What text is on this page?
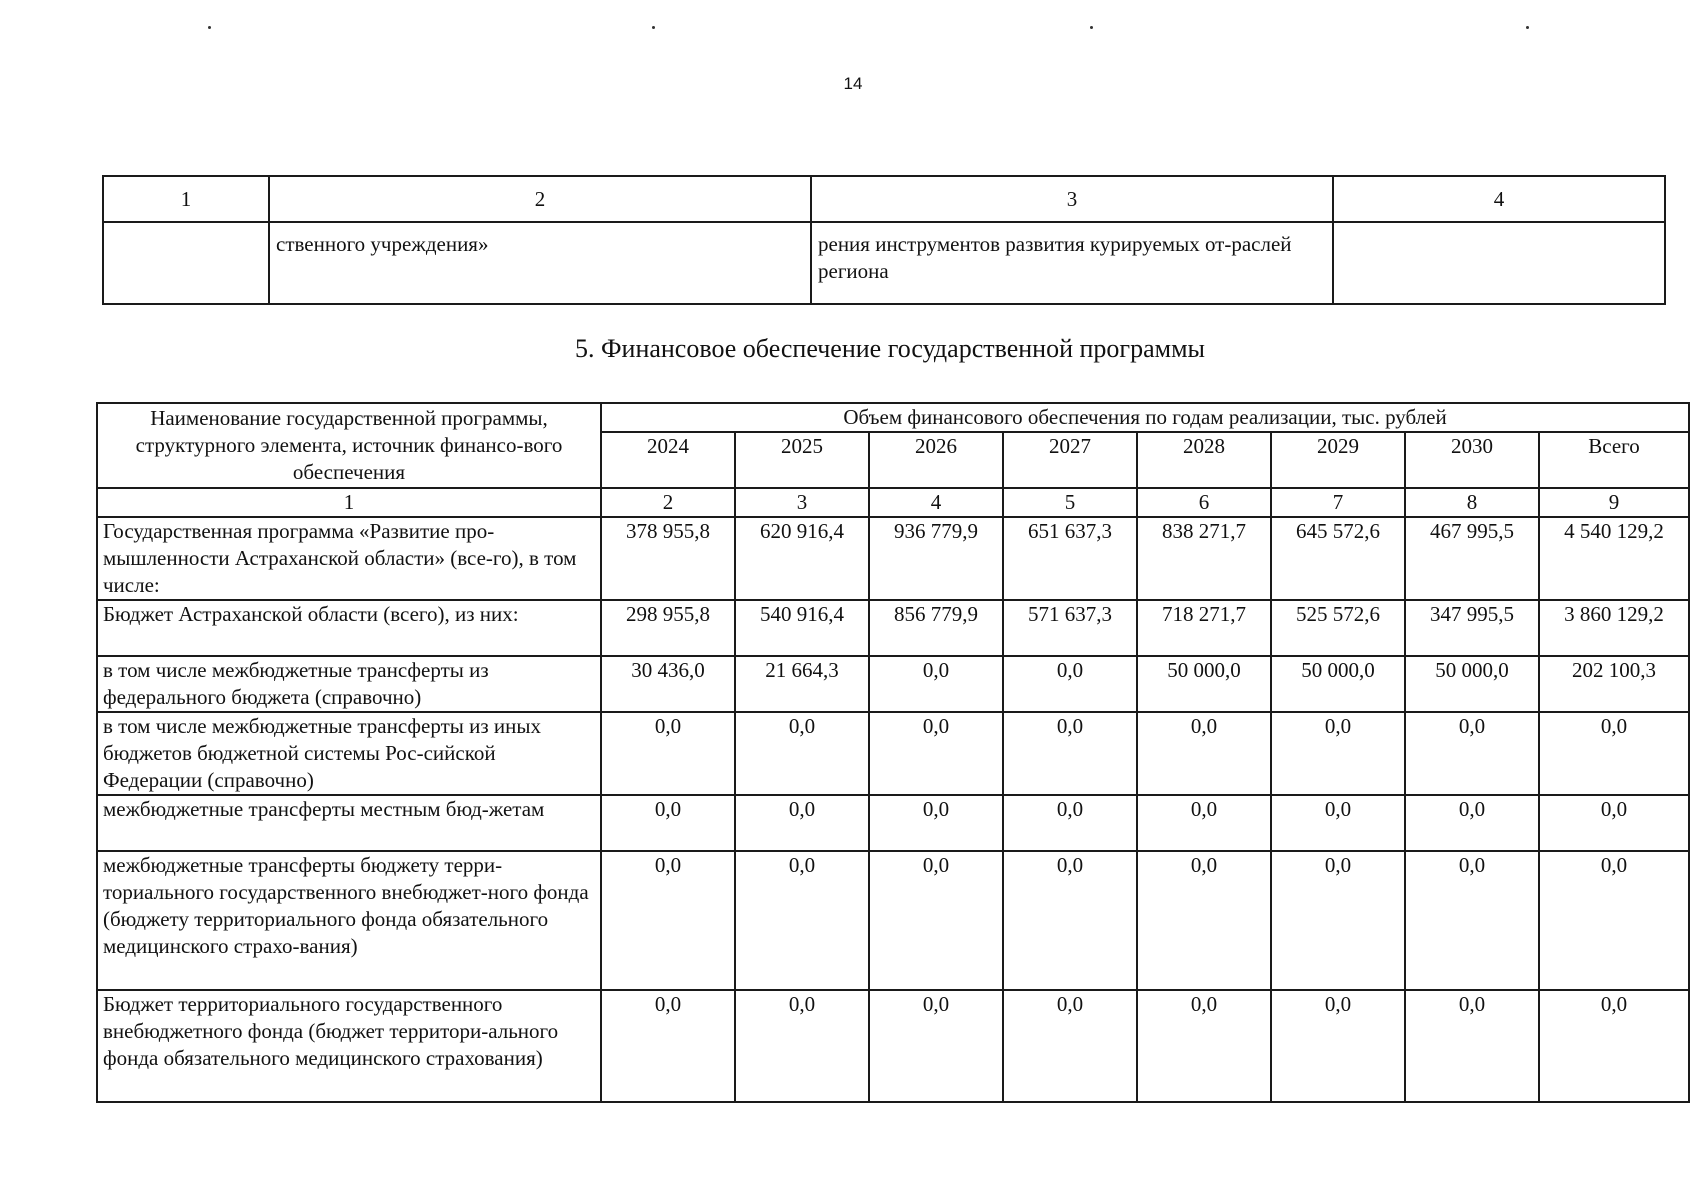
14
1	2	3	4
	ственного учреждения»	рения инструментов развития курируемых от-раслей региона	
5. Финансовое обеспечение государственной программы
Наименование государственной программы, структурного элемента, источник финансо-вого обеспечения	Объем финансового обеспечения по годам реализации, тыс. рублей							
	2024	2025	2026	2027	2028	2029	2030	Всего
1	2	3	4	5	6	7	8	9
Государственная программа «Развитие про-мышленности Астраханской области» (все-го), в том числе:	378 955,8	620 916,4	936 779,9	651 637,3	838 271,7	645 572,6	467 995,5	4 540 129,2
Бюджет Астраханской области (всего), из них:	298 955,8	540 916,4	856 779,9	571 637,3	718 271,7	525 572,6	347 995,5	3 860 129,2
в том числе межбюджетные трансферты из федерального бюджета (справочно)	30 436,0	21 664,3	0,0	0,0	50 000,0	50 000,0	50 000,0	202 100,3
в том числе межбюджетные трансферты из иных бюджетов бюджетной системы Рос-сийской Федерации (справочно)	0,0	0,0	0,0	0,0	0,0	0,0	0,0	0,0
межбюджетные трансферты местным бюд-жетам	0,0	0,0	0,0	0,0	0,0	0,0	0,0	0,0
межбюджетные трансферты бюджету терри-ториального государственного внебюджет-ного фонда (бюджету территориального фонда обязательного медицинского страхо-вания)	0,0	0,0	0,0	0,0	0,0	0,0	0,0	0,0
Бюджет территориального государственного внебюджетного фонда (бюджет территори-ального фонда обязательного медицинского страхования)	0,0	0,0	0,0	0,0	0,0	0,0	0,0	0,0
